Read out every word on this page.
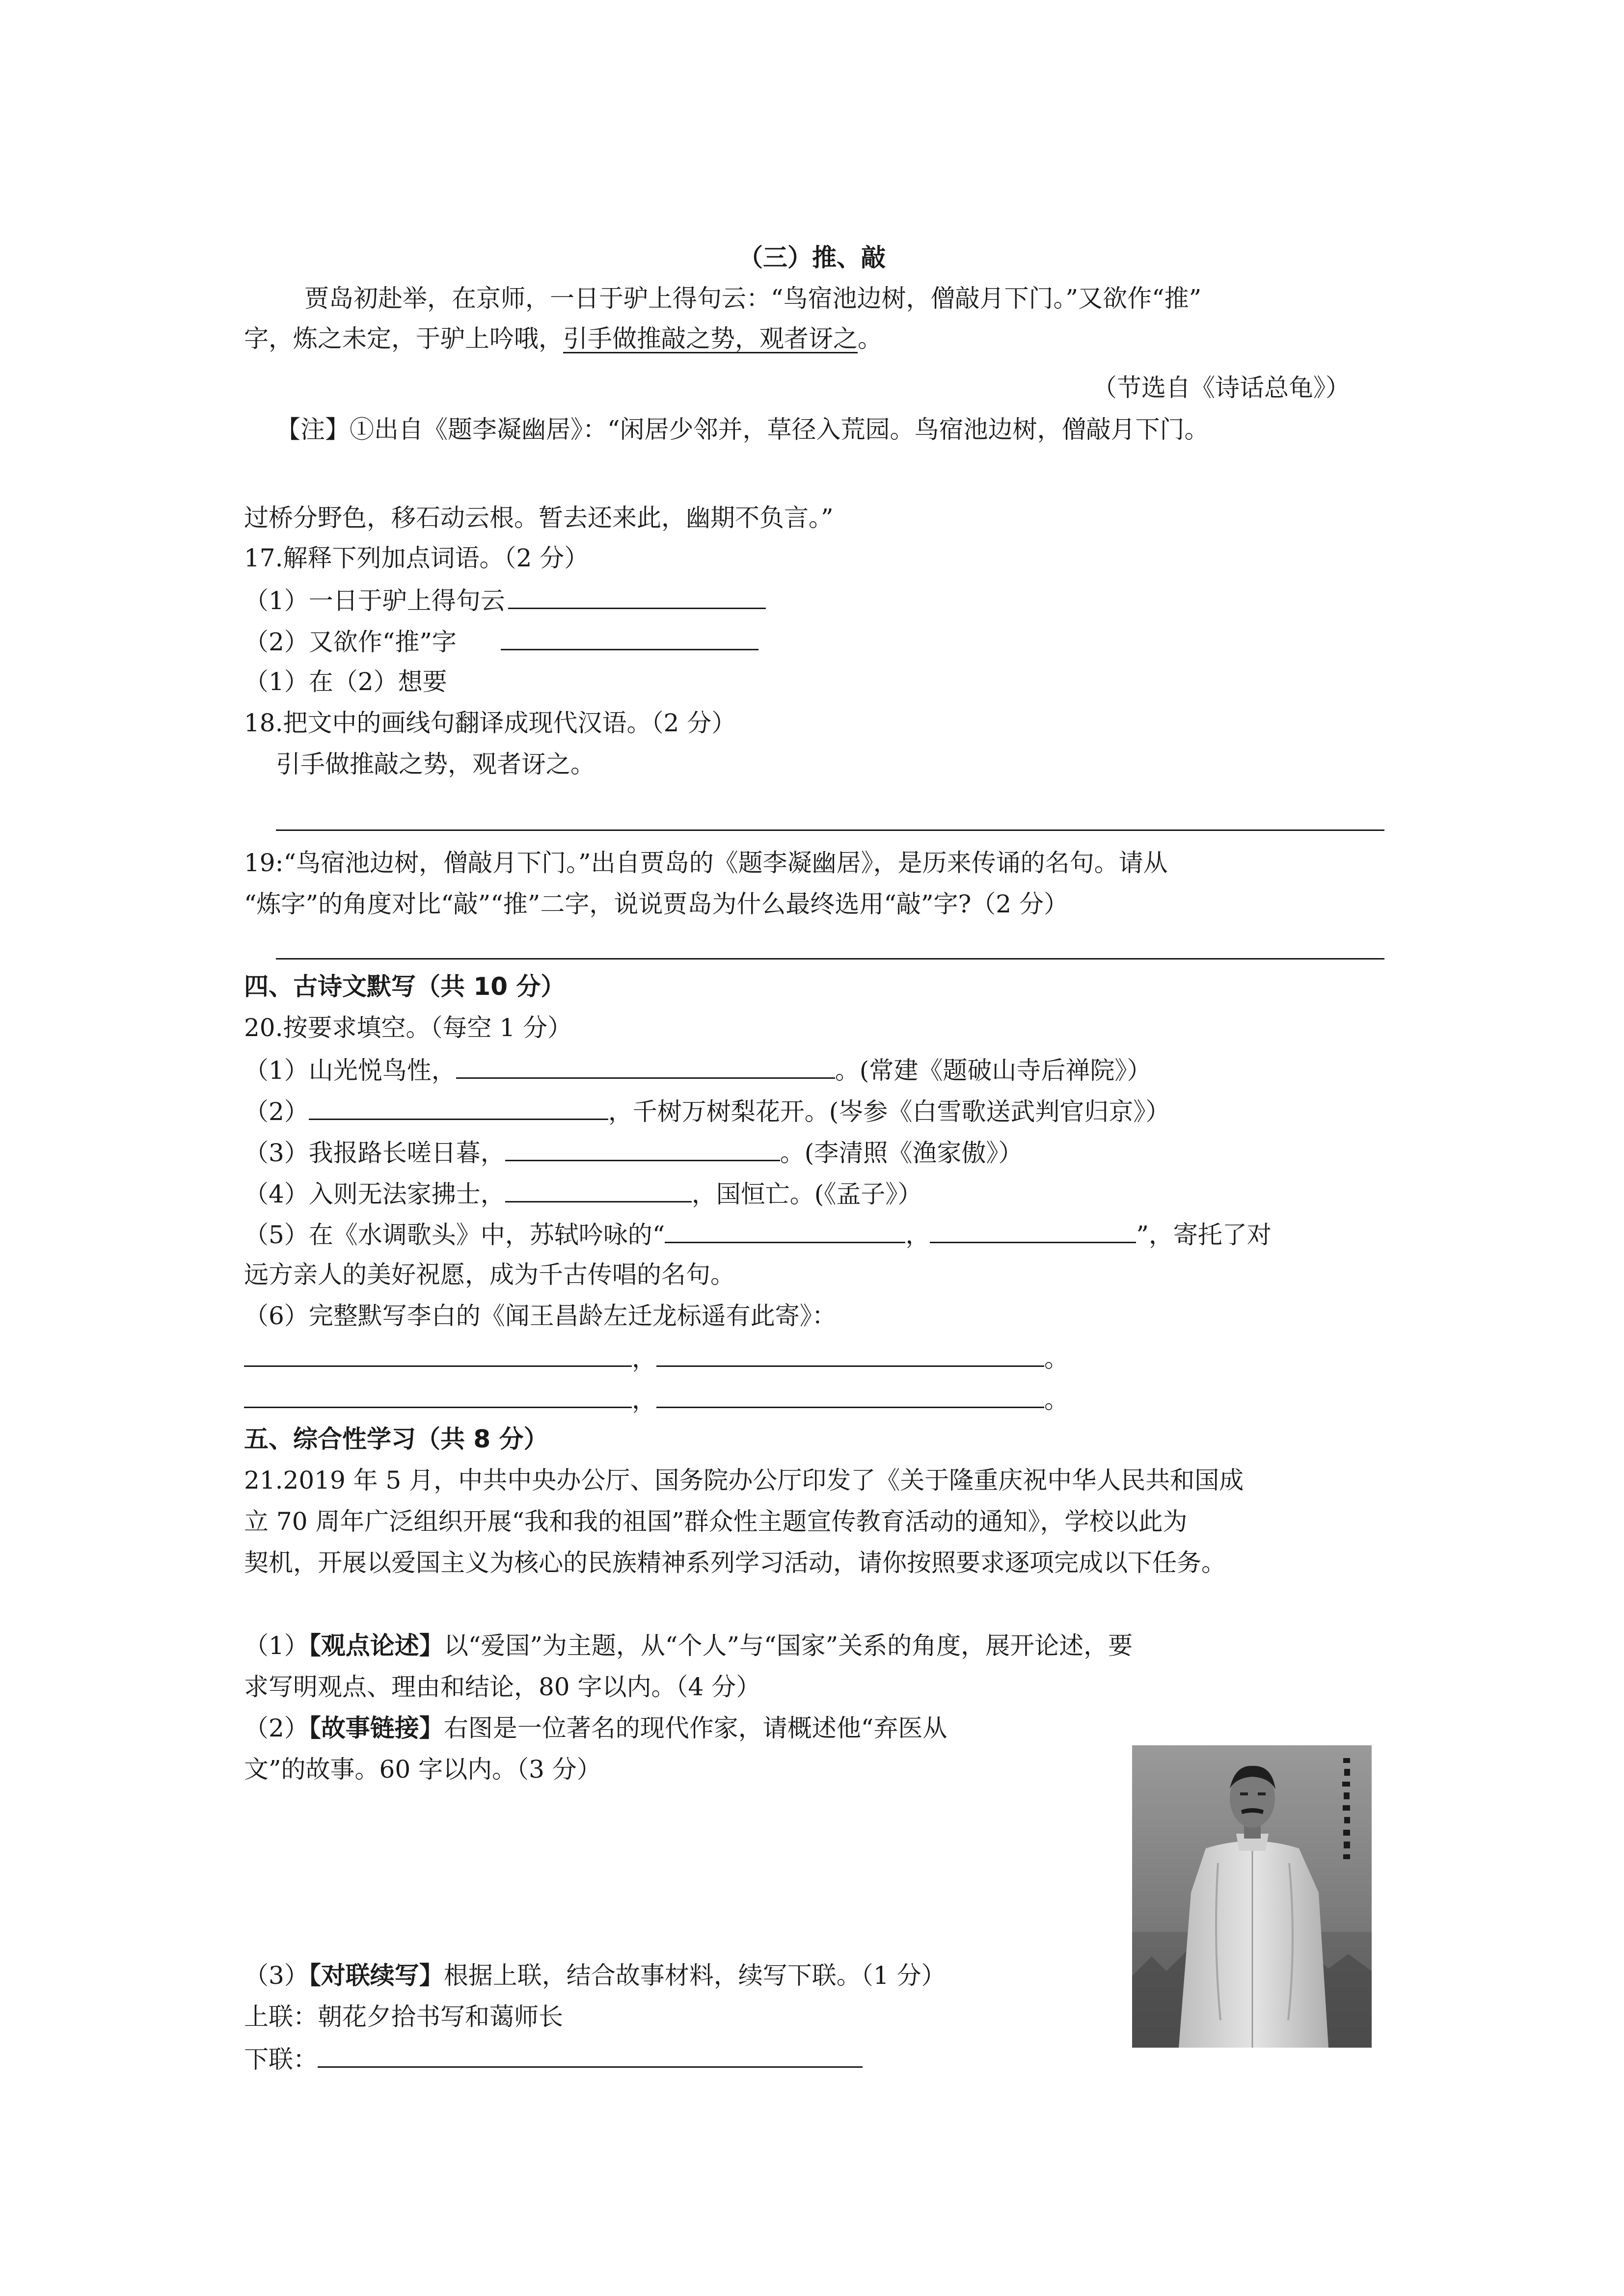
（三）推、敲
贾岛初赴举，在京师，一日于驴上得句云：“鸟宿池边树，僧敲月下门。”又欲作“推”
字，炼之未定，于驴上吟哦，引手做推敲之势，观者讶之。
（节选自《诗话总龟》）
【注】①出自《题李凝幽居》：“闲居少邻并，草径入荒园。鸟宿池边树，僧敲月下门。
过桥分野色，移石动云根。暂去还来此，幽期不负言。”
17.解释下列加点词语。（2 分）
（1）一日于驴上得句云
（2）又欲作“推”字
（1）在（2）想要
18.把文中的画线句翻译成现代汉语。（2 分）
引手做推敲之势，观者讶之。
19:“鸟宿池边树，僧敲月下门。”出自贾岛的《题李凝幽居》，是历来传诵的名句。请从
“炼字”的角度对比“敲”“推”二字，说说贾岛为什么最终选用“敲”字?（2 分）
四、古诗文默写（共 10 分）
20.按要求填空。（每空 1 分）
（1）山光悦鸟性，	。(常建《题破山寺后禅院》）
（2）	，千树万树梨花开。(岑参《白雪歌送武判官归京》）
（3）我报路长嗟日暮，	。(李清照《渔家傲》）
（4）入则无法家拂士，	，国恒亡。(《孟子》）
（5）在《水调歌头》中，苏轼吟咏的“	，	”，寄托了对
远方亲人的美好祝愿，成为千古传唱的名句。
（6）完整默写李白的《闻王昌龄左迁龙标遥有此寄》：
，	。
，	。
五、综合性学习（共 8 分）
21.2019 年 5 月，中共中央办公厅、国务院办公厅印发了《关于隆重庆祝中华人民共和国成
立 70 周年广泛组织开展“我和我的祖国”群众性主题宣传教育活动的通知》，学校以此为
契机，开展以爱国主义为核心的民族精神系列学习活动，请你按照要求逐项完成以下任务。
（1）【观点论述】以“爱国”为主题，从“个人”与“国家”关系的角度，展开论述，要
求写明观点、理由和结论，80 字以内。（4 分）
（2）【故事链接】右图是一位著名的现代作家，请概述他“弃医从
文”的故事。60 字以内。（3 分）
（3）【对联续写】根据上联，结合故事材料，续写下联。（1 分）
上联：朝花夕拾书写和蔼师长
下联：
